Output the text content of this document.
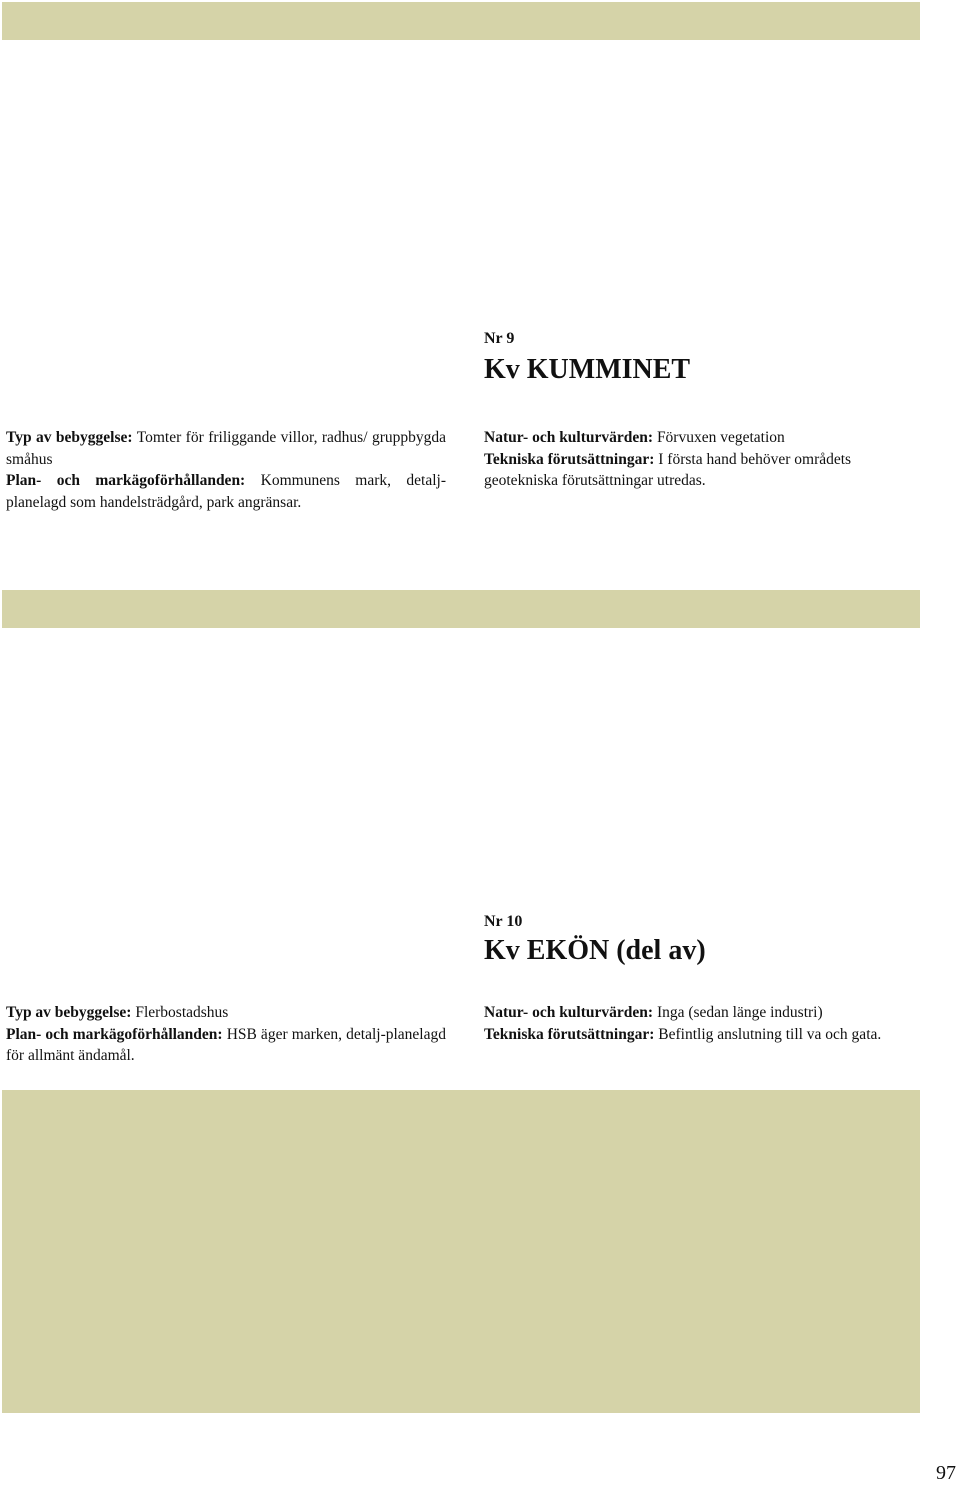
Nr 9
Kv KUMMINET

Typ av bebyggelse: Tomter för friliggande villor, radhus/ gruppbygda småhus

Plan- och markägoförhållanden: Kommunens mark, detalj-planelagd som handelsträdgård, park angränsar.

Natur- och kulturvärden: Förvuxen vegetation

Tekniska förutsättningar: I första hand behöver områdets geotekniska förutsättningar utredas.

Nr 10
Kv EKÖN (del av)

Typ av bebyggelse: Flerbostadshus

Plan- och markägoförhållanden: HSB äger marken, detalj-planelagd för allmänt ändamål.

Natur- och kulturvärden: Inga (sedan länge industri)

Tekniska förutsättningar: Befintlig anslutning till va och gata.

97
